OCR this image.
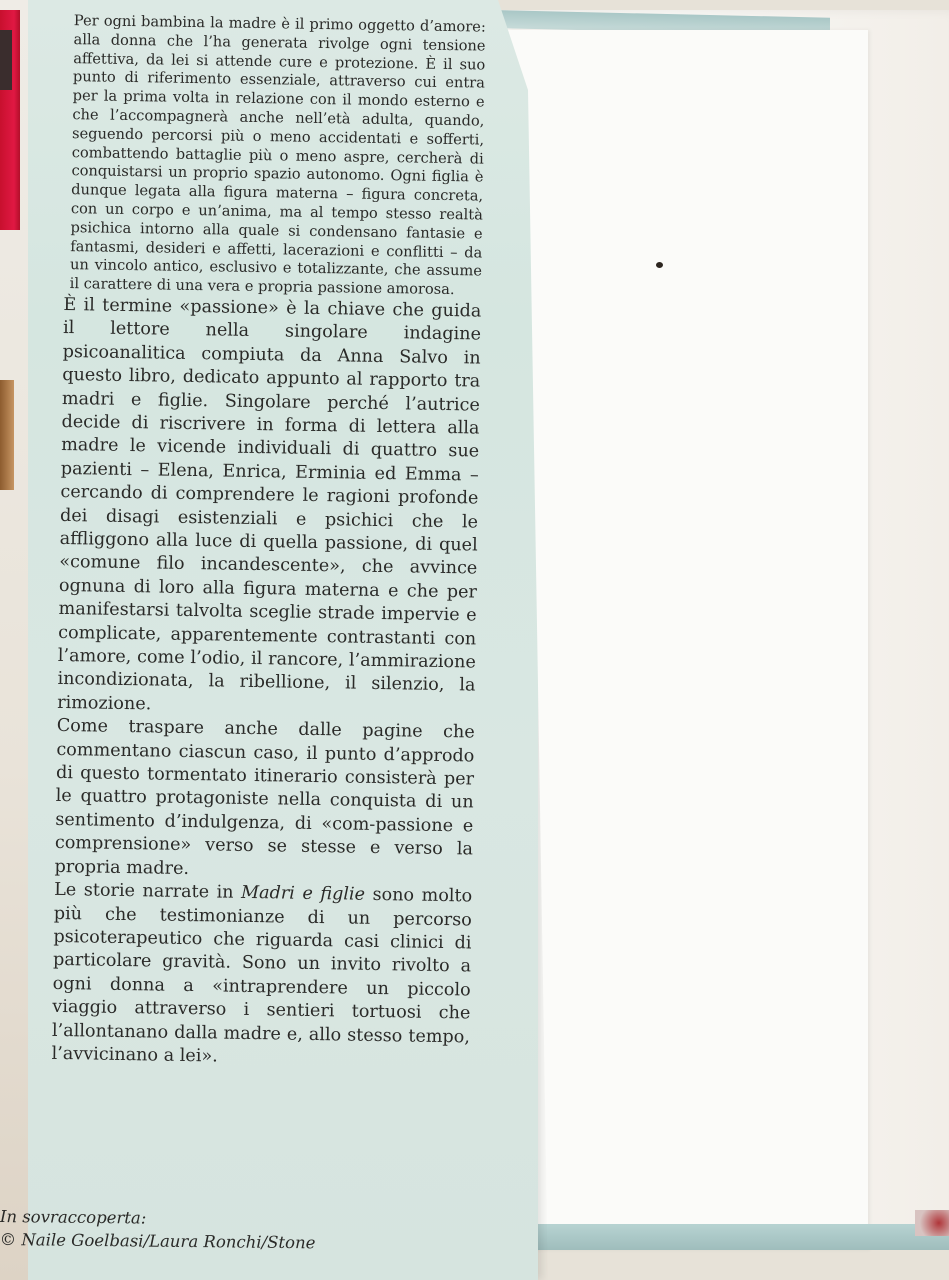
Per ogni bambina la madre è il primo oggetto d’amore: alla donna che l’ha generata rivolge ogni tensione affettiva, da lei si attende cure e protezione. È il suo punto di riferimento essenziale, attraverso cui entra per la prima volta in relazione con il mondo esterno e che l’accompagnerà anche nell’età adulta, quando, seguendo percorsi più o meno accidentati e sofferti, combattendo battaglie più o meno aspre, cercherà di conquistarsi un proprio spazio autonomo. Ogni figlia è dunque legata alla figura materna – figura concreta, con un corpo e un’anima, ma al tempo stesso realtà psichica intorno alla quale si condensano fantasie e fantasmi, desideri e affetti, lacerazioni e conflitti – da un vincolo antico, esclusivo e totalizzante, che assume il carattere di una vera e propria passione amorosa.

È il termine «passione» è la chiave che guida il lettore nella singolare indagine psicoanalitica compiuta da Anna Salvo in questo libro, dedicato appunto al rapporto tra madri e figlie. Singolare perché l’autrice decide di riscrivere in forma di lettera alla madre le vicende individuali di quattro sue pazienti – Elena, Enrica, Erminia ed Emma – cercando di comprendere le ragioni profonde dei disagi esistenziali e psichici che le affliggono alla luce di quella passione, di quel «comune filo incandescente», che avvince ognuna di loro alla figura materna e che per manifestarsi talvolta sceglie strade impervie e complicate, apparentemente contrastanti con l’amore, come l’odio, il rancore, l’ammirazione incondizionata, la ribellione, il silenzio, la rimozione.

Come traspare anche dalle pagine che commentano ciascun caso, il punto d’approdo di questo tormentato itinerario consisterà per le quattro protagoniste nella conquista di un sentimento d’indulgenza, di «com-passione e comprensione» verso se stesse e verso la propria madre.

Le storie narrate in Madri e figlie sono molto più che testimonianze di un percorso psicoterapeutico che riguarda casi clinici di particolare gravità. Sono un invito rivolto a ogni donna a «intraprendere un piccolo viaggio attraverso i sentieri tortuosi che l’allontanano dalla madre e, allo stesso tempo, l’avvicinano a lei».

In sovraccoperta:
© Naile Goelbasi/Laura Ronchi/Stone
